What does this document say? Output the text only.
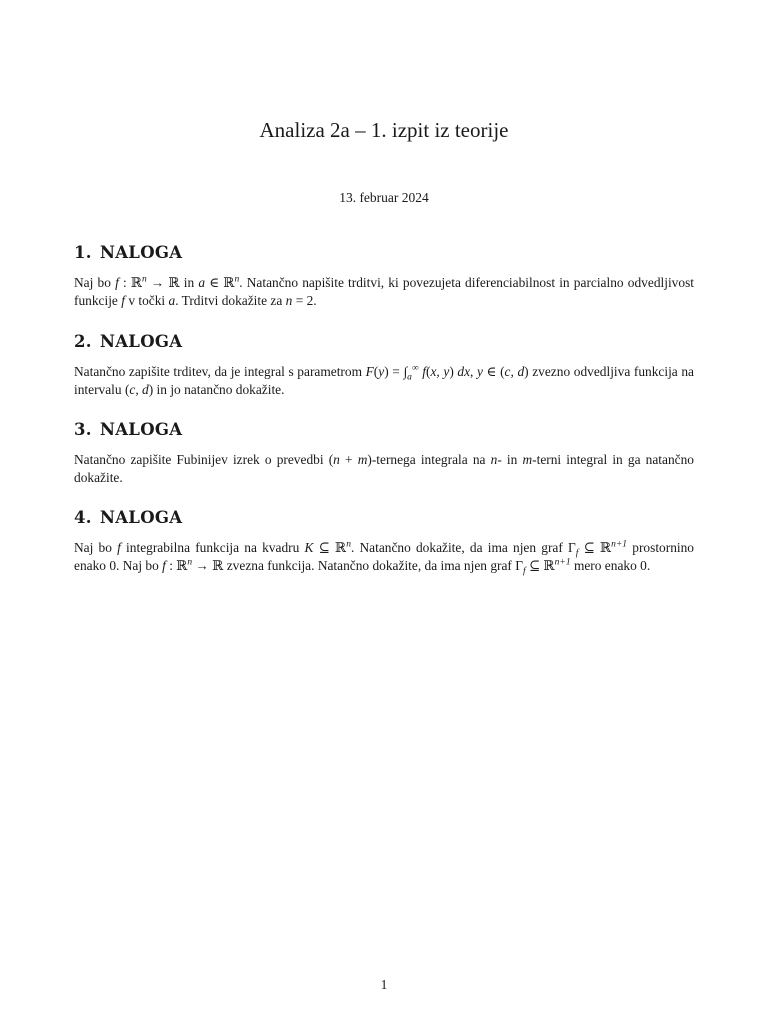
Analiza 2a – 1. izpit iz teorije
13. februar 2024
1. NALOGA

Naj bo f : ℝ$^n$ → ℝ in a ∈ ℝ$^n$. Natančno napišite trditvi, ki povezujeta diferenciabilnost in parcialno odvedljivost funkcije f v točki a. Trditvi dokažite za n = 2.

2. NALOGA

Natančno zapišite trditev, da je integral s parametrom $F(y) = \int_a^\infty$ f(x, y) dx, y ∈ (c, d) zvezno odvedljiva funkcija na intervalu (c, d) in jo natančno dokažite.

3. NALOGA

Natančno zapišite Fubinijev izrek o prevedbi (n + m)-ternega integrala na n- in m-terni integral in ga natančno dokažite.

4. NALOGA

Naj bo f integrabilna funkcija na kvadru K ⊆ ℝ$^n$. Natančno dokažite, da ima njen graf $\Gamma_f$ ⊆ ℝ$^{n+1}$ prostornino enako 0. Naj bo f : ℝ$^n$ → ℝ zvezna funkcija. Natančno dokažite, da ima njen graf $\Gamma_f$ ⊆ ℝ$^{n+1}$ mero enako 0.

1
